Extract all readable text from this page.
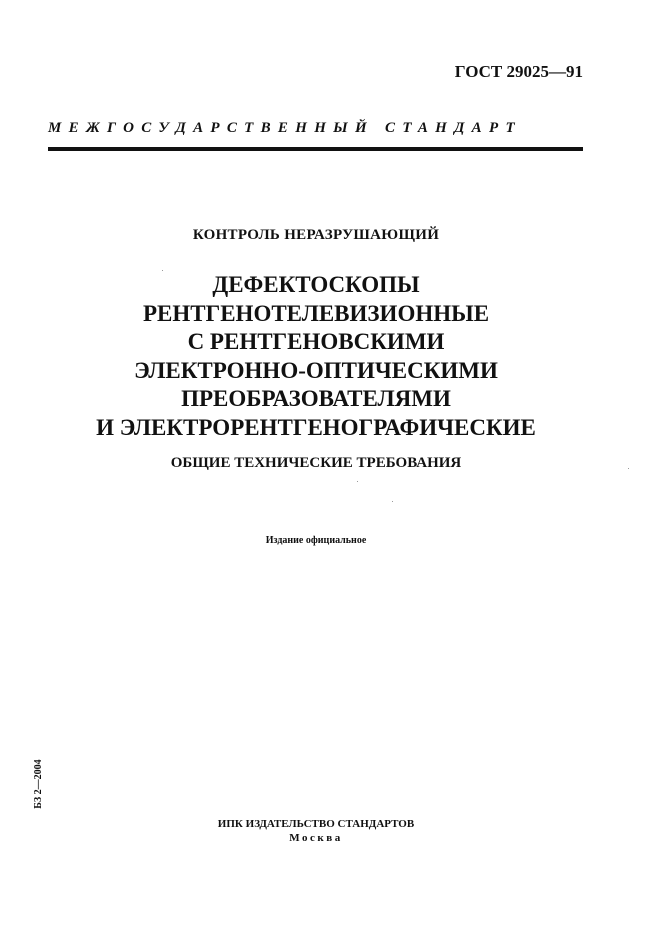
ГОСТ 29025—91
МЕЖГОСУДАРСТВЕННЫЙ СТАНДАРТ
КОНТРОЛЬ НЕРАЗРУШАЮЩИЙ
ДЕФЕКТОСКОПЫ
РЕНТГЕНОТЕЛЕВИЗИОННЫЕ
С РЕНТГЕНОВСКИМИ
ЭЛЕКТРОННО-ОПТИЧЕСКИМИ
ПРЕОБРАЗОВАТЕЛЯМИ
И ЭЛЕКТРОРЕНТГЕНОГРАФИЧЕСКИЕ
ОБЩИЕ ТЕХНИЧЕСКИЕ ТРЕБОВАНИЯ
Издание официальное
БЗ 2—2004
ИПК ИЗДАТЕЛЬСТВО СТАНДАРТОВ
Москва
